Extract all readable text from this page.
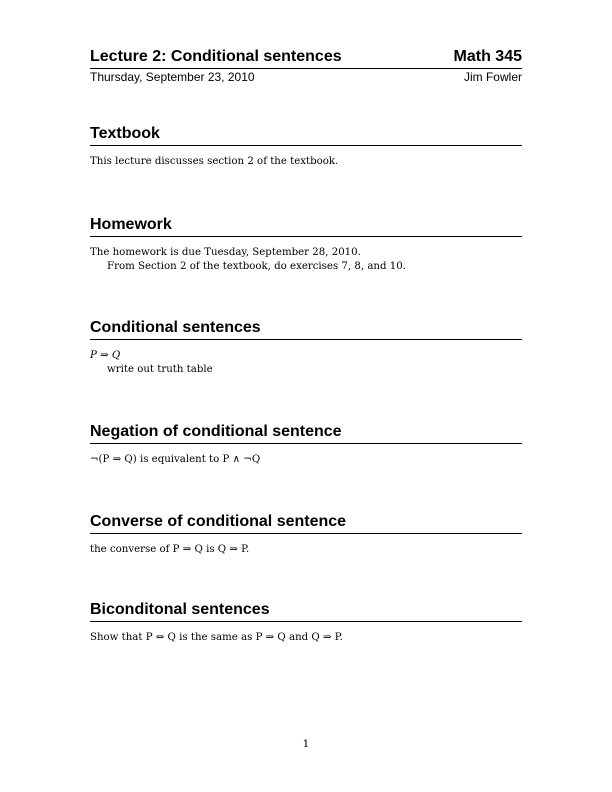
Lecture 2: Conditional sentences	Math 345
Thursday, September 23, 2010	Jim Fowler
Textbook
This lecture discusses section 2 of the textbook.
Homework
The homework is due Tuesday, September 28, 2010.
From Section 2 of the textbook, do exercises 7, 8, and 10.
Conditional sentences
P ⇒ Q
write out truth table
Negation of conditional sentence
¬(P ⇒ Q) is equivalent to P ∧ ¬Q
Converse of conditional sentence
the converse of P ⇒ Q is Q ⇒ P.
Biconditonal sentences
Show that P ⇔ Q is the same as P ⇒ Q and Q ⇒ P.
1
